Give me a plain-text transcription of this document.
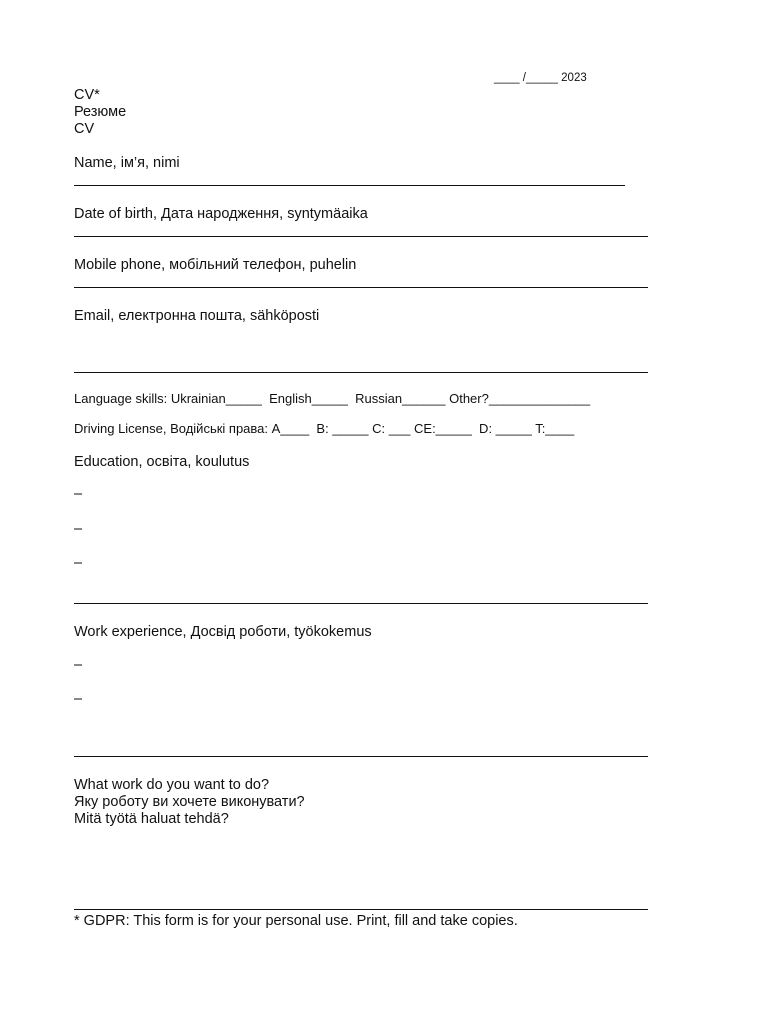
____ /_____ 2023
CV*
Резюме
CV
Name, ім’я, nimi
Date of birth, Дата народження, syntymäaika
Mobile phone, мобільний телефон, puhelin
Email, електронна пошта, sähköposti
Language skills: Ukrainian_____  English_____  Russian______ Other?______________
Driving License, Водійські права: A____  B: _____ C: ___ CE:_____  D: _____ T:____
Education, освіта, koulutus
–
–
–
Work experience, Досвід роботи, työkokemus
–
–
What work do you want to do?
Яку роботу ви хочете виконувати?
Mitä työtä haluat tehdä?
* GDPR: This form is for your personal use. Print, fill and take copies.
